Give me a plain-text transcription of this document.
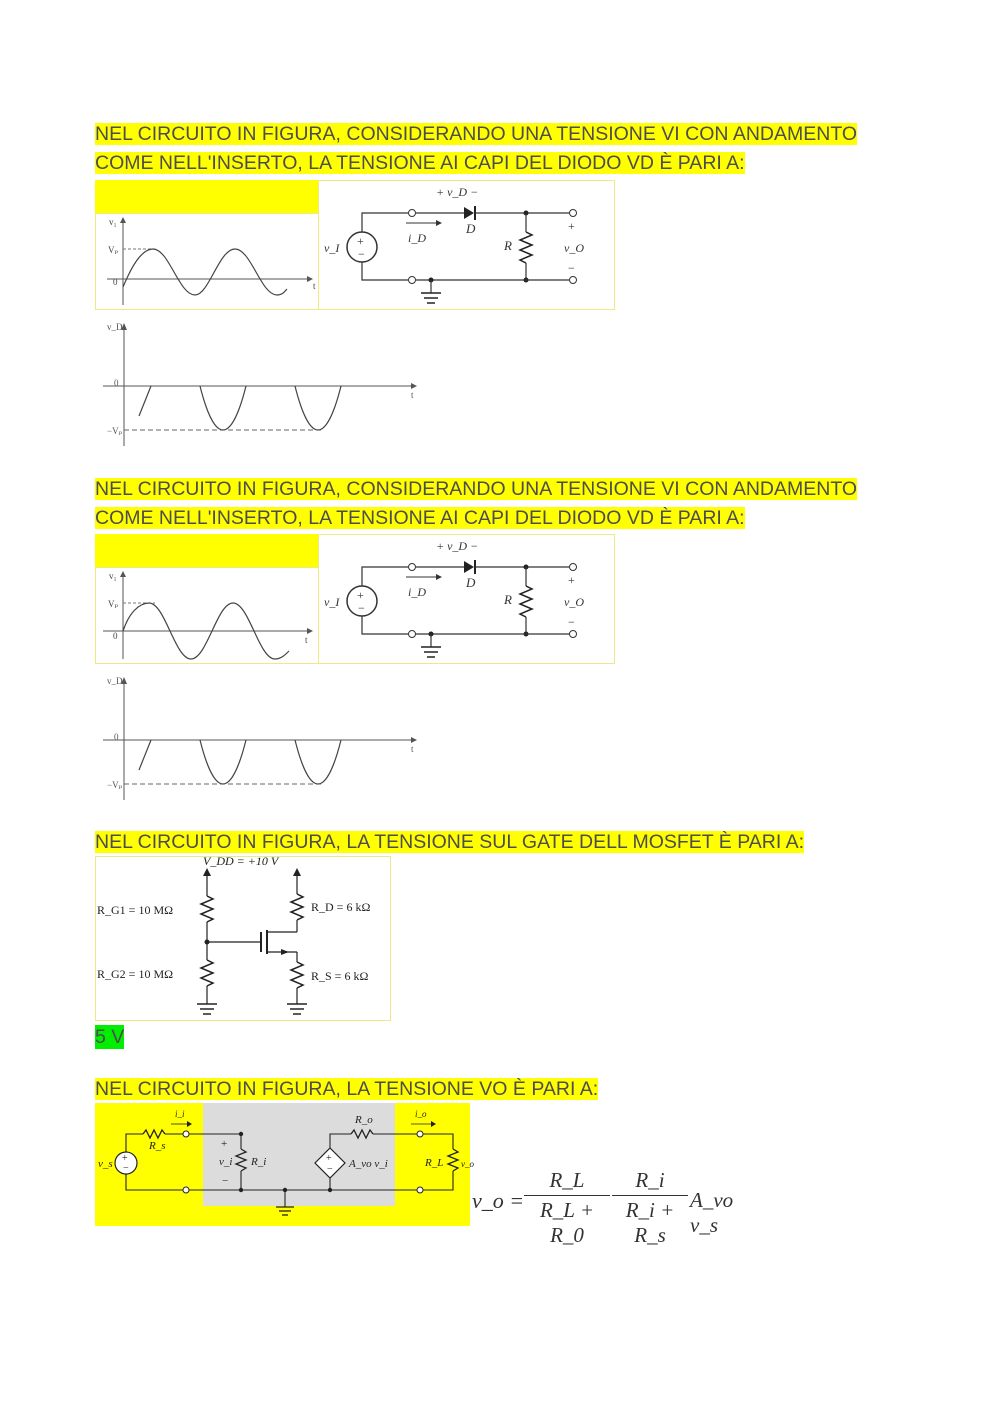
NEL CIRCUITO IN FIGURA, CONSIDERANDO UNA TENSIONE VI CON ANDAMENTO
COME NELL'INSERTO, LA TENSIONE AI CAPI DEL DIODO VD È PARI A:
v₁
Vₚ
0	t
+ v_D −
+
−
v_I
D
i_D	R
+
v_O
−
v_D
0
−Vₚ
t
NEL CIRCUITO IN FIGURA, CONSIDERANDO UNA TENSIONE VI CON ANDAMENTO
COME NELL'INSERTO, LA TENSIONE AI CAPI DEL DIODO VD È PARI A:
v₁
Vₚ
0	t
+ v_D −
+
−
v_I
D
i_D	R
+
v_O
−
v_D
0
−Vₚ
t
NEL CIRCUITO IN FIGURA, LA TENSIONE SUL GATE DELL MOSFET È PARI A:
V_DD = +10 V
R_G1 = 10 MΩ
R_G2 = 10 MΩ
R_D = 6 kΩ
R_S = 6 kΩ
5 V
NEL CIRCUITO IN FIGURA, LA TENSIONE VO È PARI A:
+
−
v_s
R_s
i_i
R_i
+
v_i
−
+
− A_vo v_i
R_o	i_o
R_L v_o
v_o = $\frac{R\_L}{R\_L + R\_0} \frac{R\_i}{R\_i + R\_s}$ A_vo v_s
